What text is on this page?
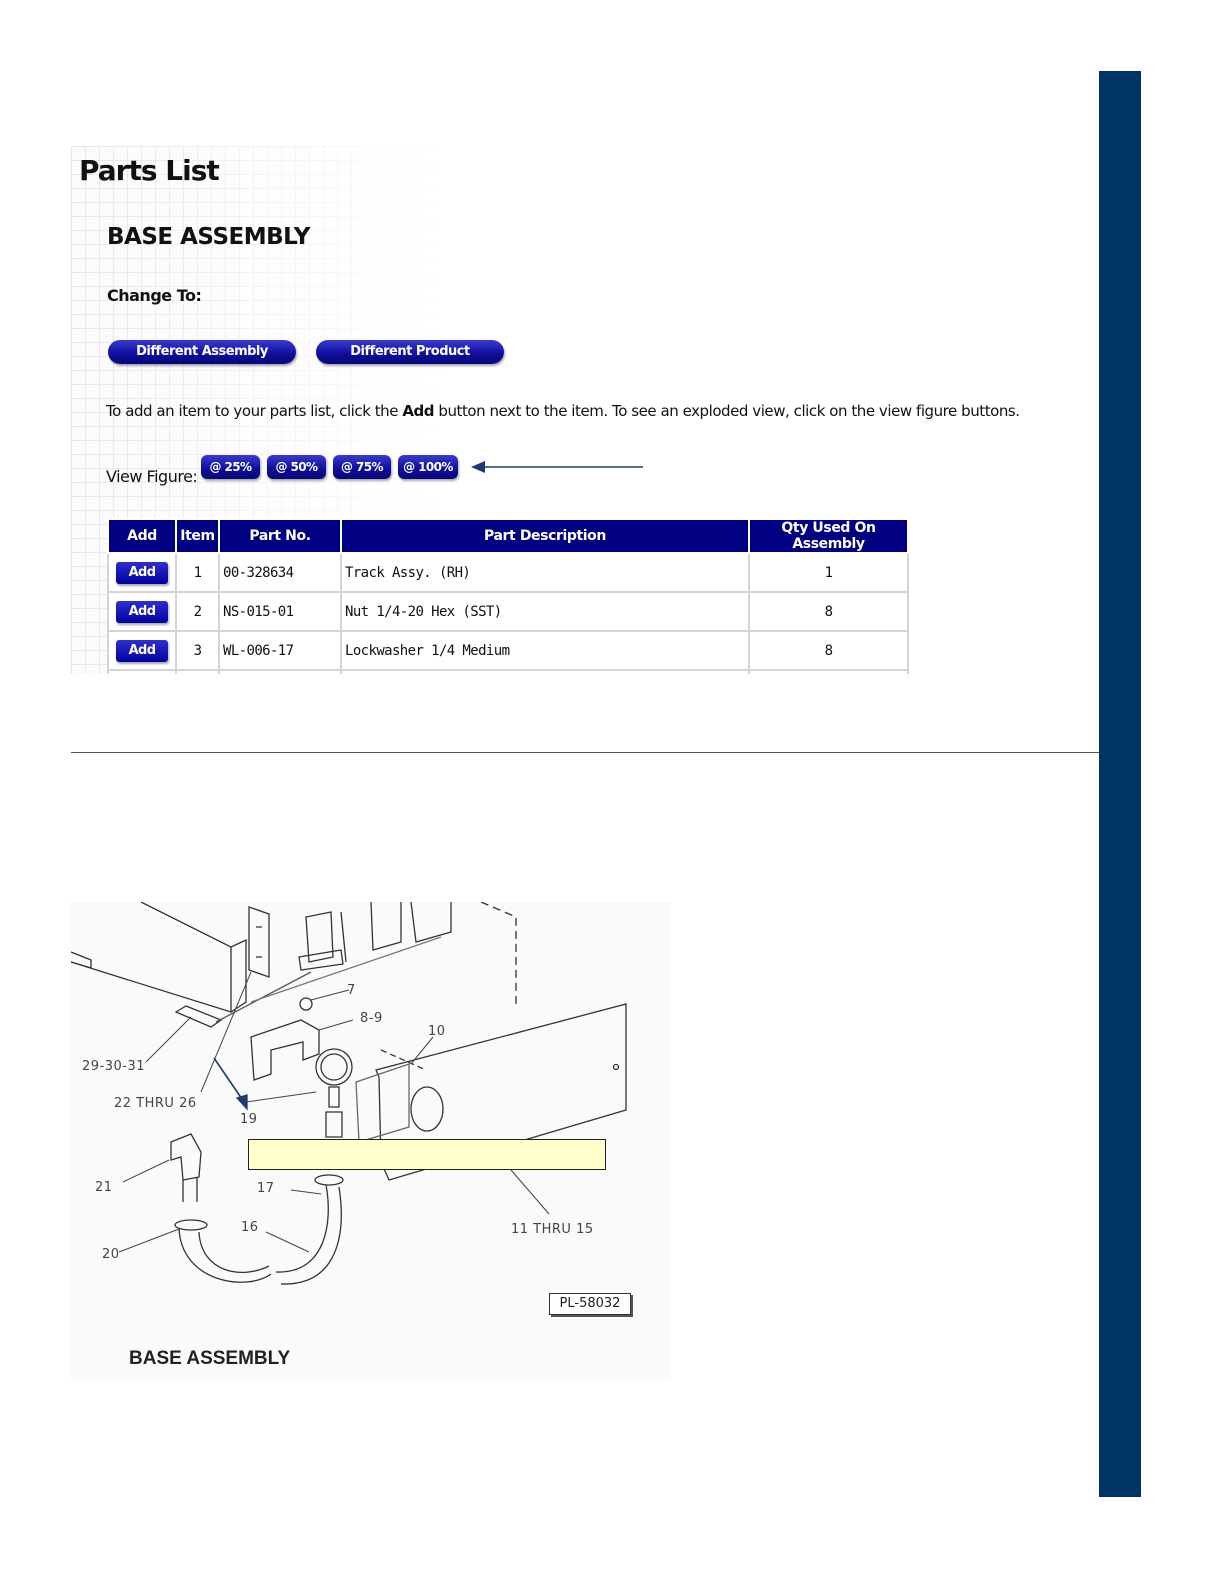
Parts List
BASE ASSEMBLY
Change To:
Different Assembly	Different Product
To add an item to your parts list, click the Add button next to the item. To see an exploded view, click on the view figure buttons.
View Figure:	@ 25%	@ 50%	@ 75%	@ 100%
Add	Item	Part No.	Part Description	Qty Used On Assembly
Add	1	00-328634	Track Assy. (RH)	1
Add	2	NS-015-01	Nut 1/4-20 Hex (SST)	8
Add	3	WL-006-17	Lockwasher 1/4 Medium	8

7
8-9
10
29-30-31
22 THRU 26
19
21	17
16
20
11 THRU 15
PL-58032
BASE ASSEMBLY
